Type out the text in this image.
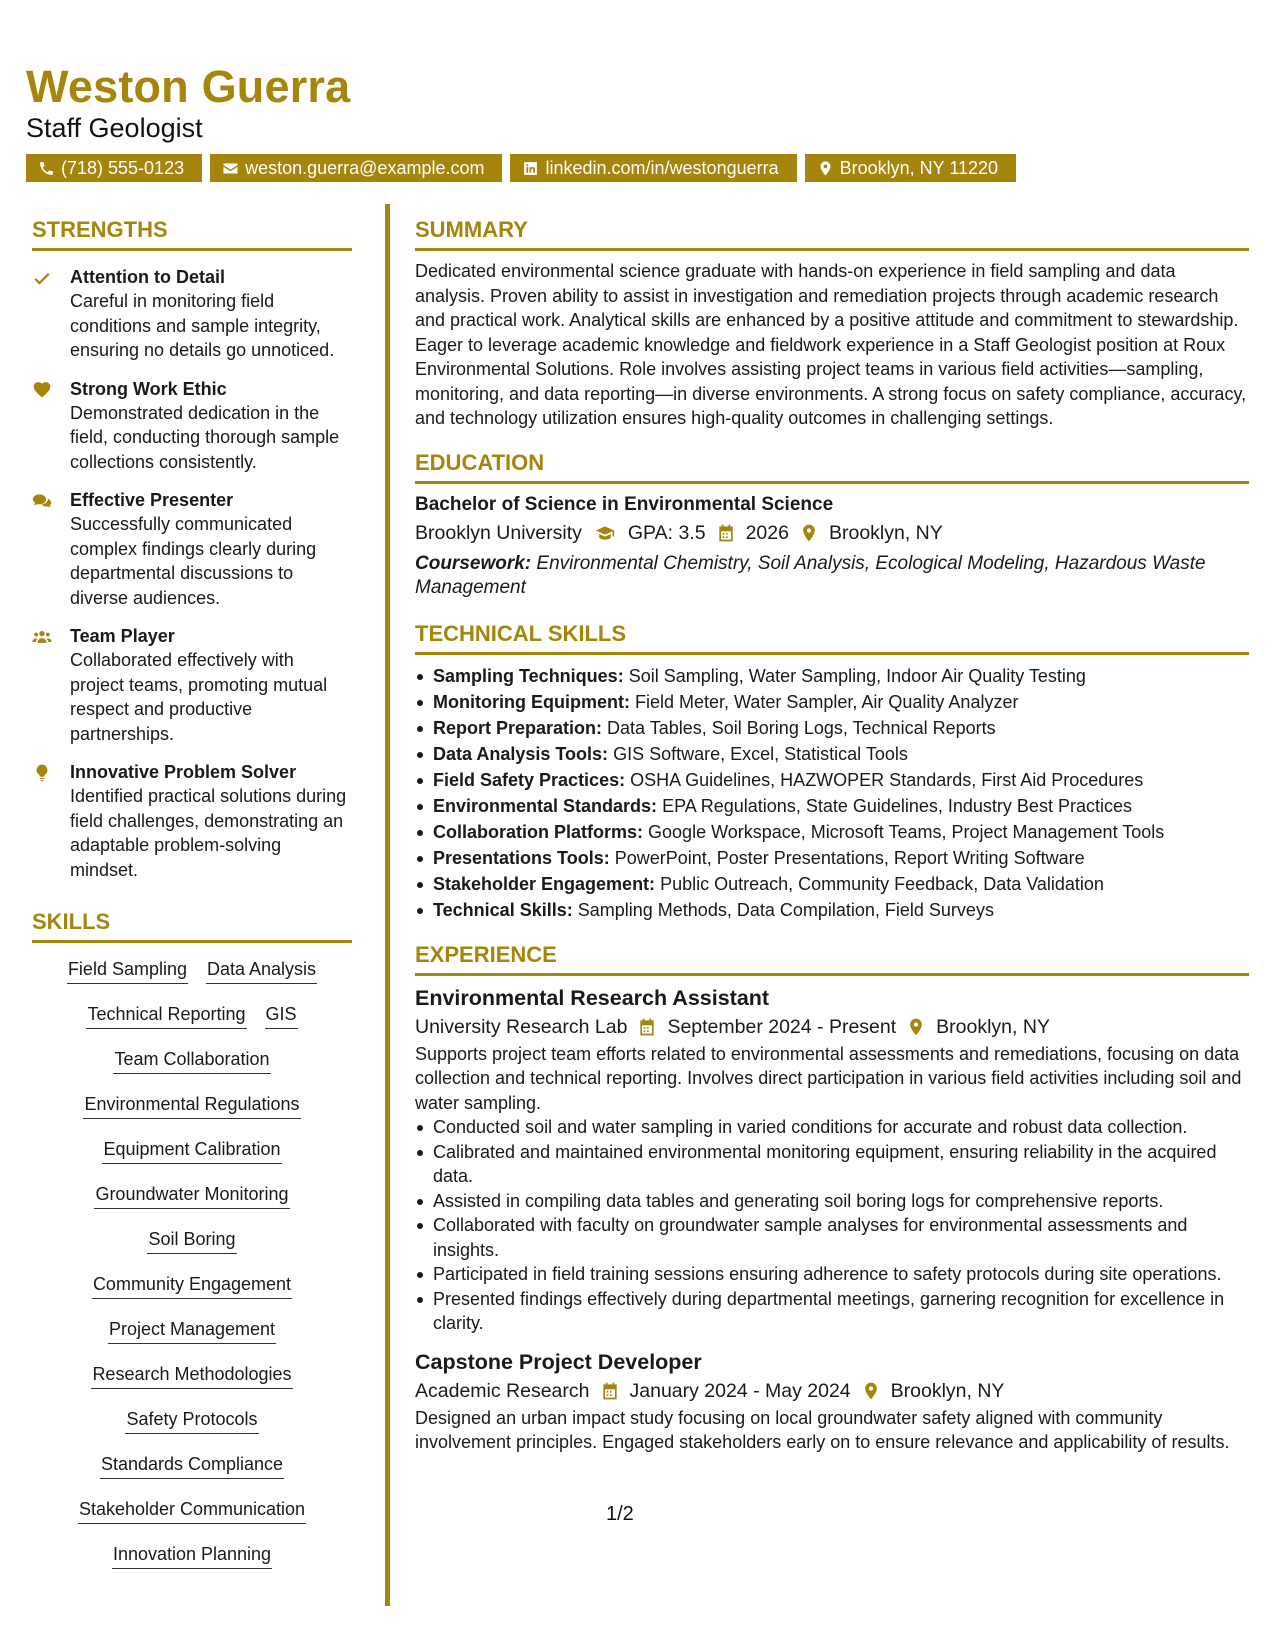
Weston Guerra
Staff Geologist
(718) 555-0123	weston.guerra@example.com	linkedin.com/in/westonguerra	Brooklyn, NY 11220
STRENGTHS
Attention to Detail
Careful in monitoring field conditions and sample integrity, ensuring no details go unnoticed.
Strong Work Ethic
Demonstrated dedication in the field, conducting thorough sample collections consistently.
Effective Presenter
Successfully communicated complex findings clearly during departmental discussions to diverse audiences.
Team Player
Collaborated effectively with project teams, promoting mutual respect and productive partnerships.
Innovative Problem Solver
Identified practical solutions during field challenges, demonstrating an adaptable problem-solving mindset.
SKILLS
Field Sampling Data Analysis
Technical Reporting GIS
Team Collaboration
Environmental Regulations
Equipment Calibration
Groundwater Monitoring
Soil Boring
Community Engagement
Project Management
Research Methodologies
Safety Protocols
Standards Compliance
Stakeholder Communication
Innovation Planning
SUMMARY
Dedicated environmental science graduate with hands-on experience in field sampling and data analysis. Proven ability to assist in investigation and remediation projects through academic research and practical work. Analytical skills are enhanced by a positive attitude and commitment to stewardship. Eager to leverage academic knowledge and fieldwork experience in a Staff Geologist position at Roux Environmental Solutions. Role involves assisting project teams in various field activities—sampling, monitoring, and data reporting—in diverse environments. A strong focus on safety compliance, accuracy, and technology utilization ensures high-quality outcomes in challenging settings.
EDUCATION
Bachelor of Science in Environmental Science
Brooklyn University GPA: 3.5 2026 Brooklyn, NY
Coursework: Environmental Chemistry, Soil Analysis, Ecological Modeling, Hazardous Waste Management
TECHNICAL SKILLS
Sampling Techniques: Soil Sampling, Water Sampling, Indoor Air Quality Testing
Monitoring Equipment: Field Meter, Water Sampler, Air Quality Analyzer
Report Preparation: Data Tables, Soil Boring Logs, Technical Reports
Data Analysis Tools: GIS Software, Excel, Statistical Tools
Field Safety Practices: OSHA Guidelines, HAZWOPER Standards, First Aid Procedures
Environmental Standards: EPA Regulations, State Guidelines, Industry Best Practices
Collaboration Platforms: Google Workspace, Microsoft Teams, Project Management Tools
Presentations Tools: PowerPoint, Poster Presentations, Report Writing Software
Stakeholder Engagement: Public Outreach, Community Feedback, Data Validation
Technical Skills: Sampling Methods, Data Compilation, Field Surveys
EXPERIENCE
Environmental Research Assistant
University Research Lab September 2024 - Present Brooklyn, NY
Supports project team efforts related to environmental assessments and remediations, focusing on data collection and technical reporting. Involves direct participation in various field activities including soil and water sampling.
Conducted soil and water sampling in varied conditions for accurate and robust data collection.
Calibrated and maintained environmental monitoring equipment, ensuring reliability in the acquired data.
Assisted in compiling data tables and generating soil boring logs for comprehensive reports.
Collaborated with faculty on groundwater sample analyses for environmental assessments and insights.
Participated in field training sessions ensuring adherence to safety protocols during site operations.
Presented findings effectively during departmental meetings, garnering recognition for excellence in clarity.
Capstone Project Developer
Academic Research January 2024 - May 2024 Brooklyn, NY
Designed an urban impact study focusing on local groundwater safety aligned with community involvement principles. Engaged stakeholders early on to ensure relevance and applicability of results.
1/2
